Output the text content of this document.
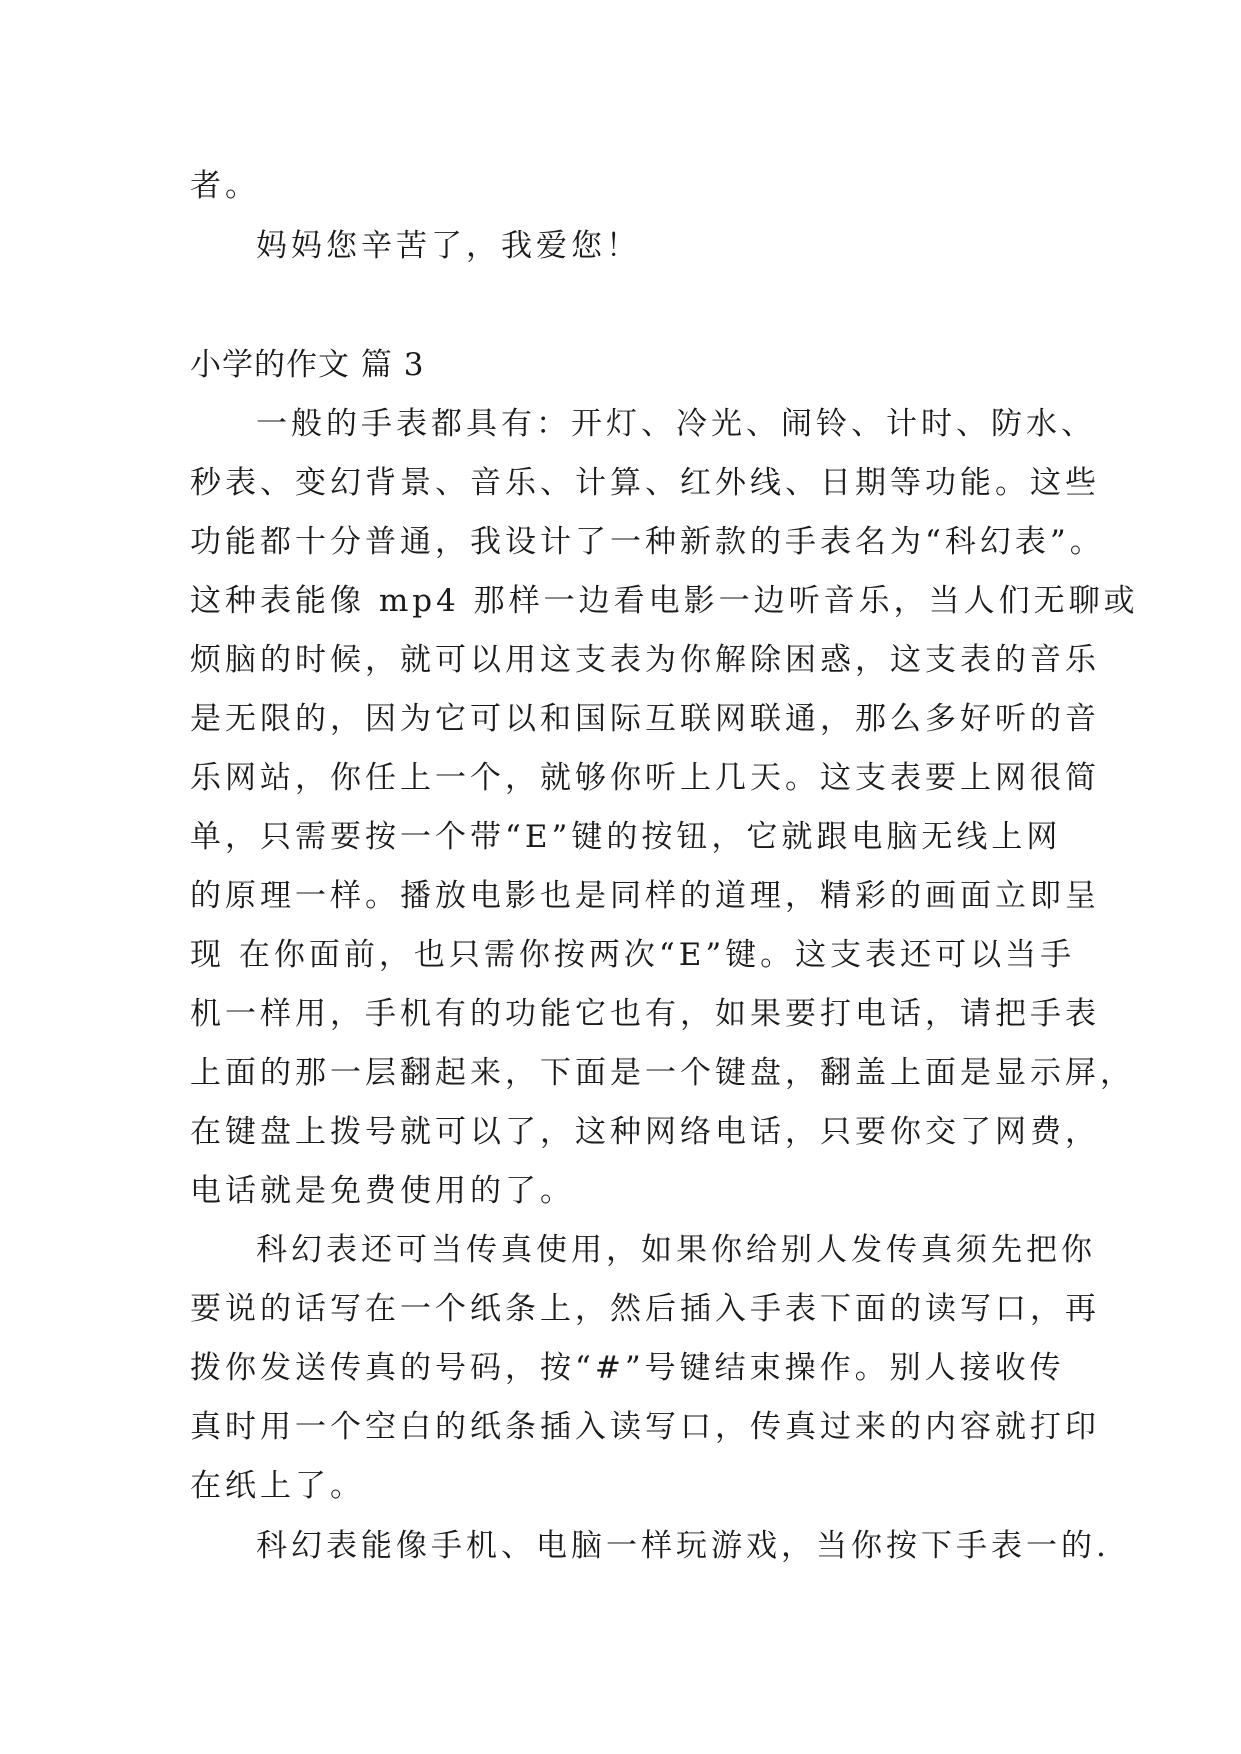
者。
妈妈您辛苦了，我爱您！
小学的作文 篇 3
一般的手表都具有：开灯、冷光、闹铃、计时、防水、
秒表、变幻背景、音乐、计算、红外线、日期等功能。这些
功能都十分普通，我设计了一种新款的手表名为“科幻表”。
这种表能像 mp4 那样一边看电影一边听音乐，当人们无聊或
烦脑的时候，就可以用这支表为你解除困惑，这支表的音乐
是无限的，因为它可以和国际互联网联通，那么多好听的音
乐网站，你任上一个，就够你听上几天。这支表要上网很简
单，只需要按一个带“E”键的按钮，它就跟电脑无线上网
的原理一样。播放电影也是同样的道理，精彩的画面立即呈
现 在你面前，也只需你按两次“E”键。这支表还可以当手
机一样用，手机有的功能它也有，如果要打电话，请把手表
上面的那一层翻起来，下面是一个键盘，翻盖上面是显示屏，
在键盘上拨号就可以了，这种网络电话，只要你交了网费，
电话就是免费使用的了。
科幻表还可当传真使用，如果你给别人发传真须先把你
要说的话写在一个纸条上，然后插入手表下面的读写口，再
拨你发送传真的号码，按“#”号键结束操作。别人接收传
真时用一个空白的纸条插入读写口，传真过来的内容就打印
在纸上了。
科幻表能像手机、电脑一样玩游戏，当你按下手表一的.
